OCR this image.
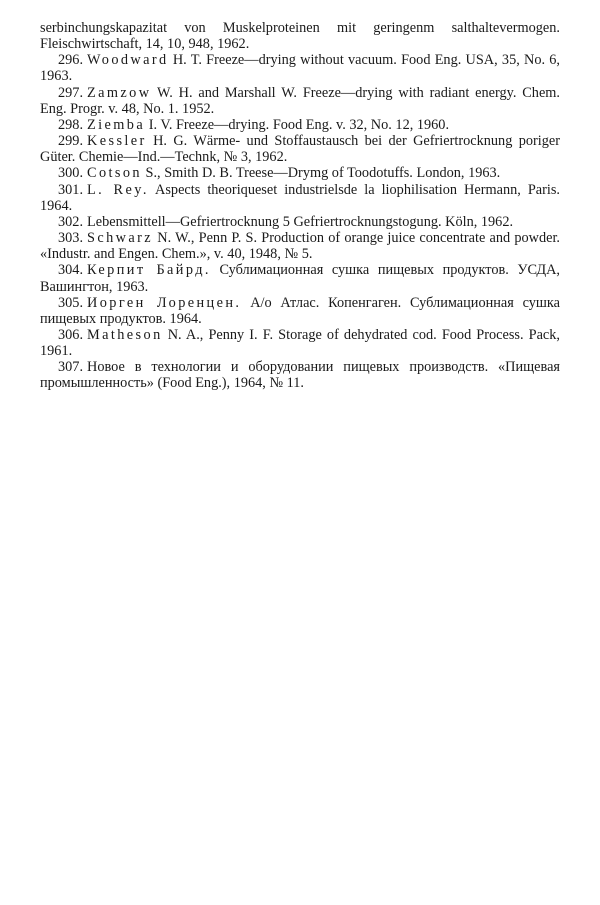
serbinchungskapazitat von Muskelproteinen mit geringenm salthaltevermogen. Fleischwirtschaft, 14, 10, 948, 1962.

296. Woodward H. T. Freeze—drying without vacuum. Food Eng. USA, 35, No. 6, 1963.

297. Zamzow W. H. and Marshall W. Freeze—drying with radiant energy. Chem. Eng. Progr. v. 48, No. 1. 1952.

298. Ziemba I. V. Freeze—drying. Food Eng. v. 32, No. 12, 1960.

299. Kessler H. G. Wärme- und Stoffaustausch bei der Gefriertrocknung poriger Güter. Chemie—Ind.—Technk, № 3, 1962.

300. Cotson S., Smith D. B. Treese—Drymg of Toodotuffs. London, 1963.

301. L. Rey. Aspects theoriqueset industrielsde la liophilisation Hermann, Paris. 1964.

302. Lebensmittell—Gefriertrocknung 5 Gefriertrocknungstogung. Köln, 1962.

303. Schwarz N. W., Penn P. S. Production of orange juice concentrate and powder. «Industr. and Engen. Chem.», v. 40, 1948, № 5.

304. Керпит Байрд. Сублимационная сушка пищевых продуктов. УСДА, Вашингтон, 1963.

305. Иорген Лоренцен. A/o Атлас. Копенгаген. Сублимационная сушка пищевых продуктов. 1964.

306. Matheson N. A., Penny I. F. Storage of dehydrated cod. Food Process. Pack, 1961.

307. Новое в технологии и оборудовании пищевых производств. «Пищевая промышленность» (Food Eng.), 1964, № 11.
